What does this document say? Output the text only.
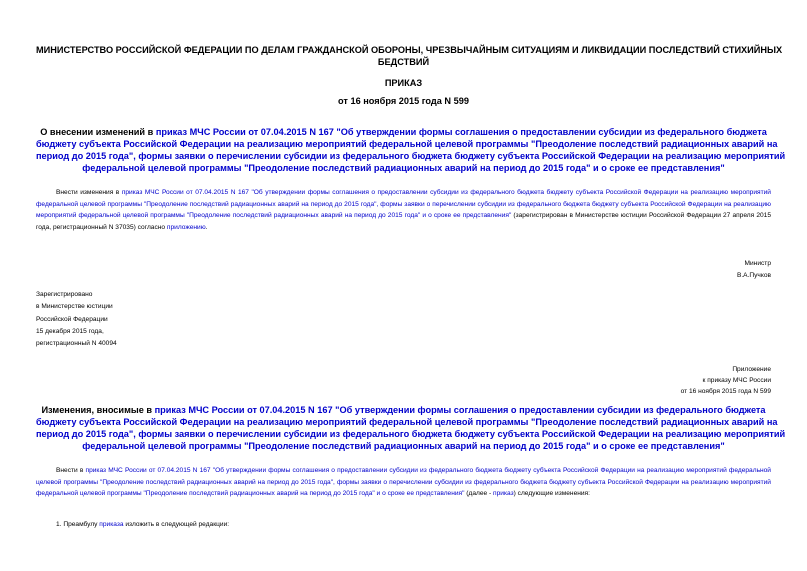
МИНИСТЕРСТВО РОССИЙСКОЙ ФЕДЕРАЦИИ ПО ДЕЛАМ ГРАЖДАНСКОЙ ОБОРОНЫ, ЧРЕЗВЫЧАЙНЫМ СИТУАЦИЯМ И ЛИКВИДАЦИИ ПОСЛЕДСТВИЙ СТИХИЙНЫХ
БЕДСТВИЙ
ПРИКАЗ
от 16 ноября 2015 года N 599
О внесении изменений в приказ МЧС России от 07.04.2015 N 167 "Об утверждении формы соглашения о предоставлении субсидии из федерального бюджета
бюджету субъекта Российской Федерации на реализацию мероприятий федеральной целевой программы "Преодоление последствий радиационных аварий на
период до 2015 года", формы заявки о перечислении субсидии из федерального бюджета бюджету субъекта Российской Федерации на реализацию мероприятий
федеральной целевой программы "Преодоление последствий радиационных аварий на период до 2015 года" и о сроке ее представления"
Внести изменения в приказ МЧС России от 07.04.2015 N 167 "Об утверждении формы соглашения о предоставлении субсидии из федерального бюджета бюджету субъекта Российской Федерации на реализацию мероприятий федеральной целевой программы "Преодоление последствий радиационных аварий на период до 2015 года", формы заявки о перечислении субсидии из федерального бюджета бюджету субъекта Российской Федерации на реализацию мероприятий федеральной целевой программы "Преодоление последствий радиационных аварий на период до 2015 года" и о сроке ее представления" (зарегистрирован в Министерстве юстиции Российской Федерации 27 апреля 2015 года, регистрационный N 37035) согласно приложению.
Министр
В.А.Пучков
Зарегистрировано
в Министерстве юстиции
Российской Федерации
15 декабря 2015 года,
регистрационный N 40094
Приложение
к приказу МЧС России
от 16 ноября 2015 года N 599
Изменения, вносимые в приказ МЧС России от 07.04.2015 N 167 "Об утверждении формы соглашения о предоставлении субсидии из федерального бюджета
бюджету субъекта Российской Федерации на реализацию мероприятий федеральной целевой программы "Преодоление последствий радиационных аварий на
период до 2015 года", формы заявки о перечислении субсидии из федерального бюджета бюджету субъекта Российской Федерации на реализацию мероприятий
федеральной целевой программы "Преодоление последствий радиационных аварий на период до 2015 года" и о сроке ее представления"
Внести в приказ МЧС России от 07.04.2015 N 167 "Об утверждении формы соглашения о предоставлении субсидии из федерального бюджета бюджету субъекта Российской Федерации на реализацию мероприятий федеральной целевой программы "Преодоление последствий радиационных аварий на период до 2015 года", формы заявки о перечислении субсидии из федерального бюджета бюджету субъекта Российской Федерации на реализацию мероприятий федеральной целевой программы "Преодоление последствий радиационных аварий на период до 2015 года" и о сроке ее представления" (далее - приказ) следующие изменения:
1. Преамбулу приказа изложить в следующей редакции:
